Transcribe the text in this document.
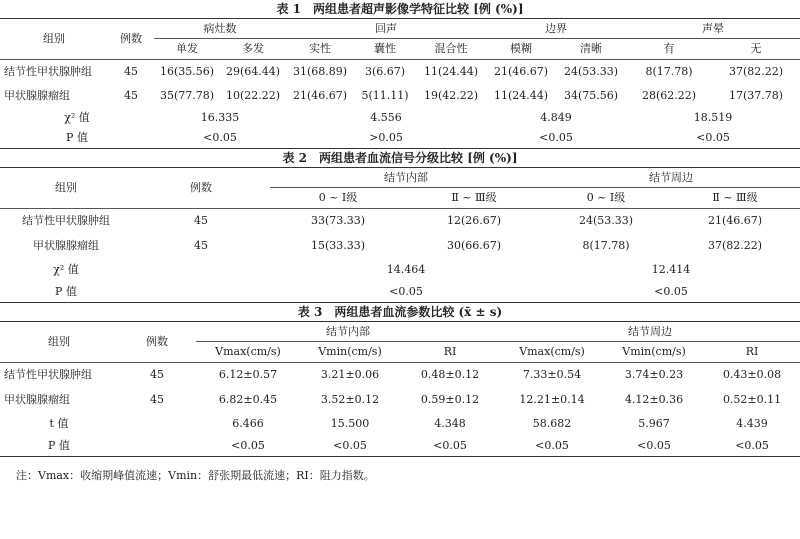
表 1　两组患者超声影像学特征比较 [例 (%)]
组别	例数	病灶数		回声			边界		声晕	
		单发	多发	实性	囊性	混合性	模糊	清晰	有	无
结节性甲状腺肿组	45	16(35.56)	29(64.44)	31(68.89)	3(6.67)	11(24.44)	21(46.67)	24(53.33)	8(17.78)	37(82.22)
甲状腺腺瘤组	45	35(77.78)	10(22.22)	21(46.67)	5(11.11)	19(42.22)	11(24.44)	34(75.56)	28(62.22)	17(37.78)
χ² 值		16.335		4.556			4.849		18.519	
P 值		<0.05		>0.05			<0.05		<0.05	
表 2　两组患者血流信号分级比较 [例 (%)]
组别	例数	结节内部		结节周边	
		0 ~ Ⅰ级	Ⅱ ~ Ⅲ级	0 ~ Ⅰ级	Ⅱ ~ Ⅲ级
结节性甲状腺肿组	45	33(73.33)	12(26.67)	24(53.33)	21(46.67)
甲状腺腺瘤组	45	15(33.33)	30(66.67)	8(17.78)	37(82.22)
χ² 值		14.464		12.414	
P 值		<0.05		<0.05	
表 3　两组患者血流参数比较 (x̄ ± s)
组别	例数	结节内部			结节周边		
		Vmax(cm/s)	Vmin(cm/s)	RI	Vmax(cm/s)	Vmin(cm/s)	RI
结节性甲状腺肿组	45	6.12±0.57	3.21±0.06	0.48±0.12	7.33±0.54	3.74±0.23	0.43±0.08
甲状腺腺瘤组	45	6.82±0.45	3.52±0.12	0.59±0.12	12.21±0.14	4.12±0.36	0.52±0.11
t 值		6.466	15.500	4.348	58.682	5.967	4.439
P 值		<0.05	<0.05	<0.05	<0.05	<0.05	<0.05
注：Vmax：收缩期峰值流速；Vmin：舒张期最低流速；RI：阻力指数。
